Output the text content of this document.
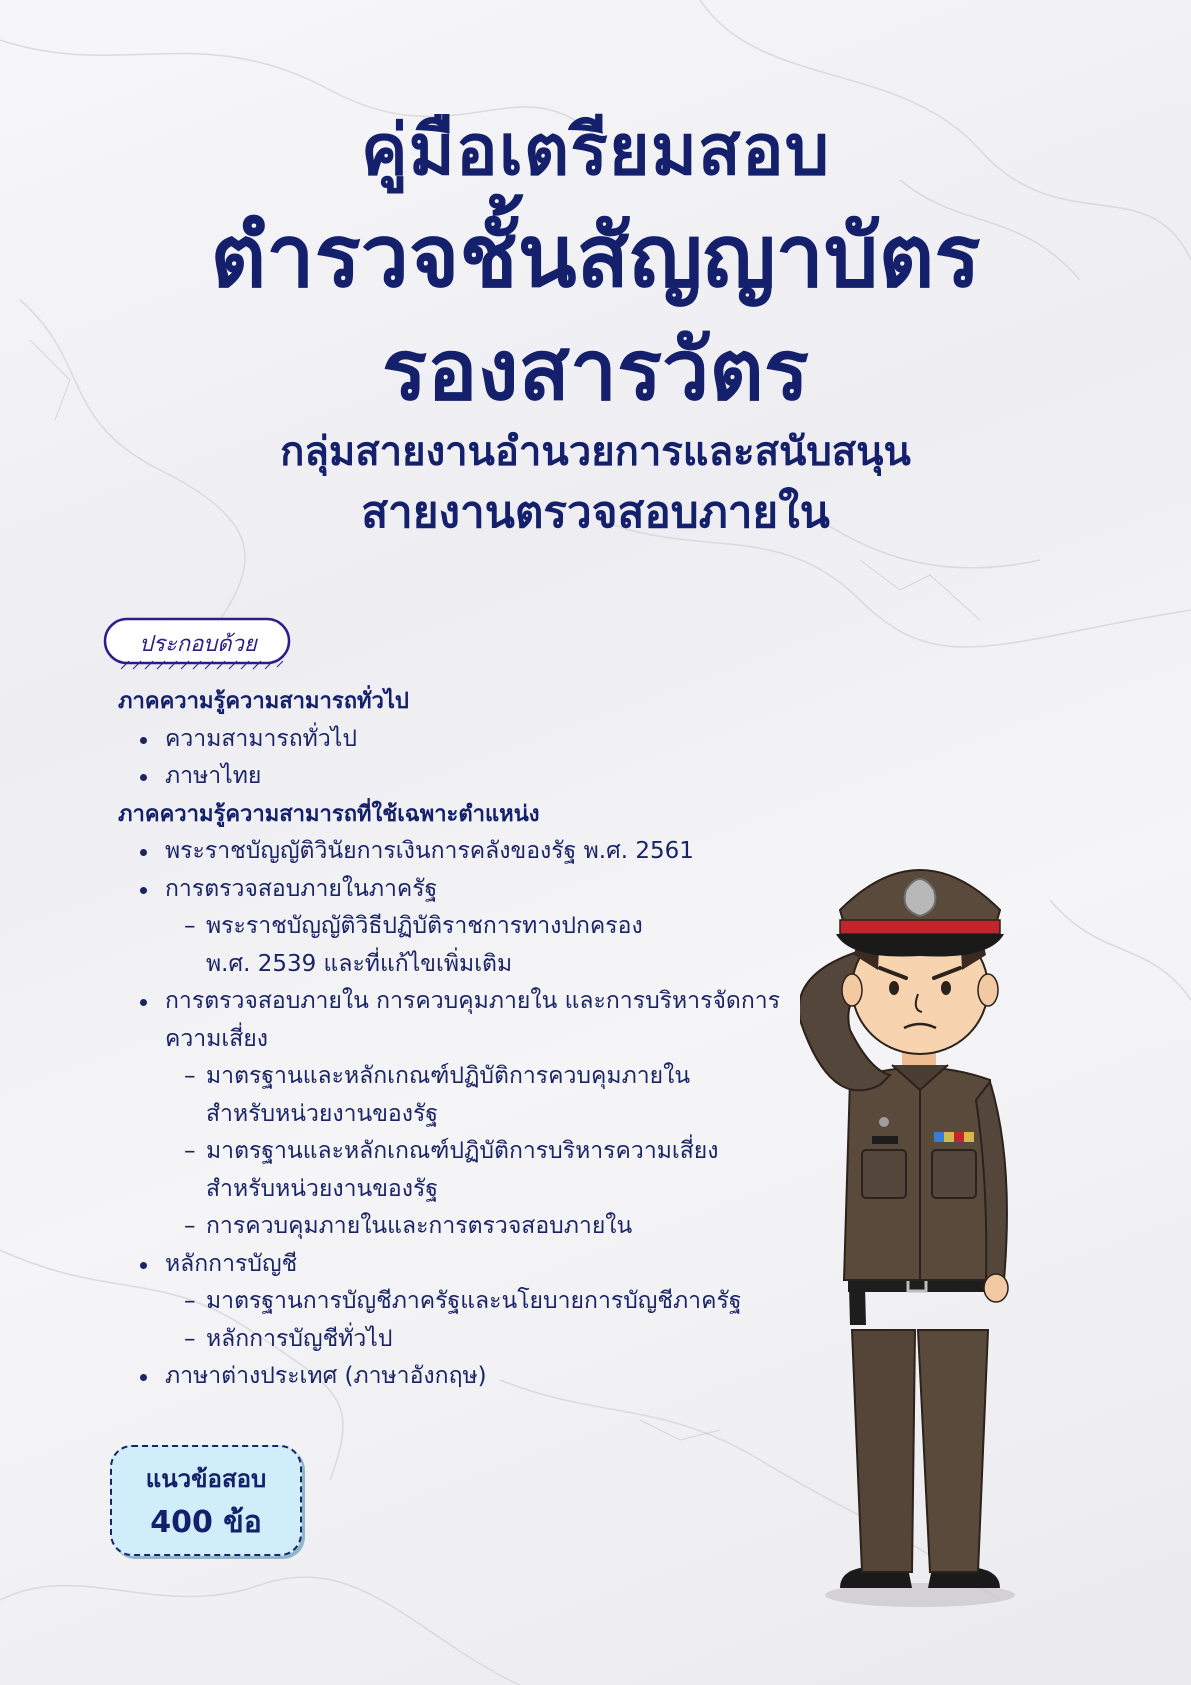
คู่มือเตรียมสอบ
ตำรวจชั้นสัญญาบัตร
รองสารวัตร
กลุ่มสายงานอำนวยการและสนับสนุน
สายงานตรวจสอบภายใน
ประกอบด้วย
ภาคความรู้ความสามารถทั่วไป
ความสามารถทั่วไป
ภาษาไทย
ภาคความรู้ความสามารถที่ใช้เฉพาะตำแหน่ง
พระราชบัญญัติวินัยการเงินการคลังของรัฐ พ.ศ. 2561
การตรวจสอบภายในภาครัฐ
– พระราชบัญญัติวิธีปฏิบัติราชการทางปกครอง
พ.ศ. 2539 และที่แก้ไขเพิ่มเติม
การตรวจสอบภายใน การควบคุมภายใน และการบริหารจัดการ
ความเสี่ยง
– มาตรฐานและหลักเกณฑ์ปฏิบัติการควบคุมภายใน
สำหรับหน่วยงานของรัฐ
– มาตรฐานและหลักเกณฑ์ปฏิบัติการบริหารความเสี่ยง
สำหรับหน่วยงานของรัฐ
– การควบคุมภายในและการตรวจสอบภายใน
หลักการบัญชี
– มาตรฐานการบัญชีภาครัฐและนโยบายการบัญชีภาครัฐ
– หลักการบัญชีทั่วไป
ภาษาต่างประเทศ (ภาษาอังกฤษ)
แนวข้อสอบ
400 ข้อ
